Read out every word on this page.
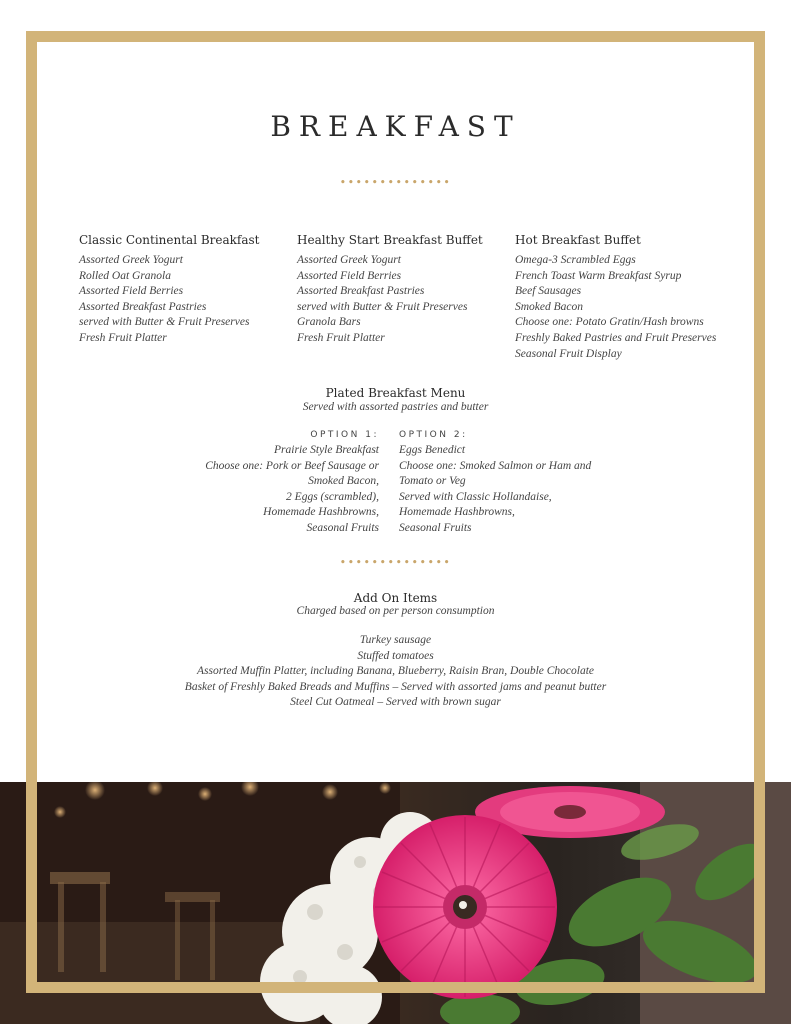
BREAKFAST
••••••••••••••
Classic Continental Breakfast
Assorted Greek Yogurt
Rolled Oat Granola
Assorted Field Berries
Assorted Breakfast Pastries
served with Butter & Fruit Preserves
Fresh Fruit Platter
Healthy Start Breakfast Buffet
Assorted Greek Yogurt
Assorted Field Berries
Assorted Breakfast Pastries
served with Butter & Fruit Preserves
Granola Bars
Fresh Fruit Platter
Hot Breakfast Buffet
Omega-3 Scrambled Eggs
French Toast Warm Breakfast Syrup
Beef Sausages
Smoked Bacon
Choose one: Potato Gratin/Hash browns
Freshly Baked Pastries and Fruit Preserves
Seasonal Fruit Display
Plated Breakfast Menu
Served with assorted pastries and butter
OPTION 1:
Prairie Style Breakfast
Choose one: Pork or Beef Sausage or
Smoked Bacon,
2 Eggs (scrambled),
Homemade Hashbrowns,
Seasonal Fruits
OPTION 2:
Eggs Benedict
Choose one: Smoked Salmon or Ham and
Tomato or Veg
Served with Classic Hollandaise,
Homemade Hashbrowns,
Seasonal Fruits
••••••••••••••
Add On Items
Charged based on per person consumption
Turkey sausage
Stuffed tomatoes
Assorted Muffin Platter, including Banana, Blueberry, Raisin Bran, Double Chocolate
Basket of Freshly Baked Breads and Muffins – Served with assorted jams and peanut butter
Steel Cut Oatmeal – Served with brown sugar
